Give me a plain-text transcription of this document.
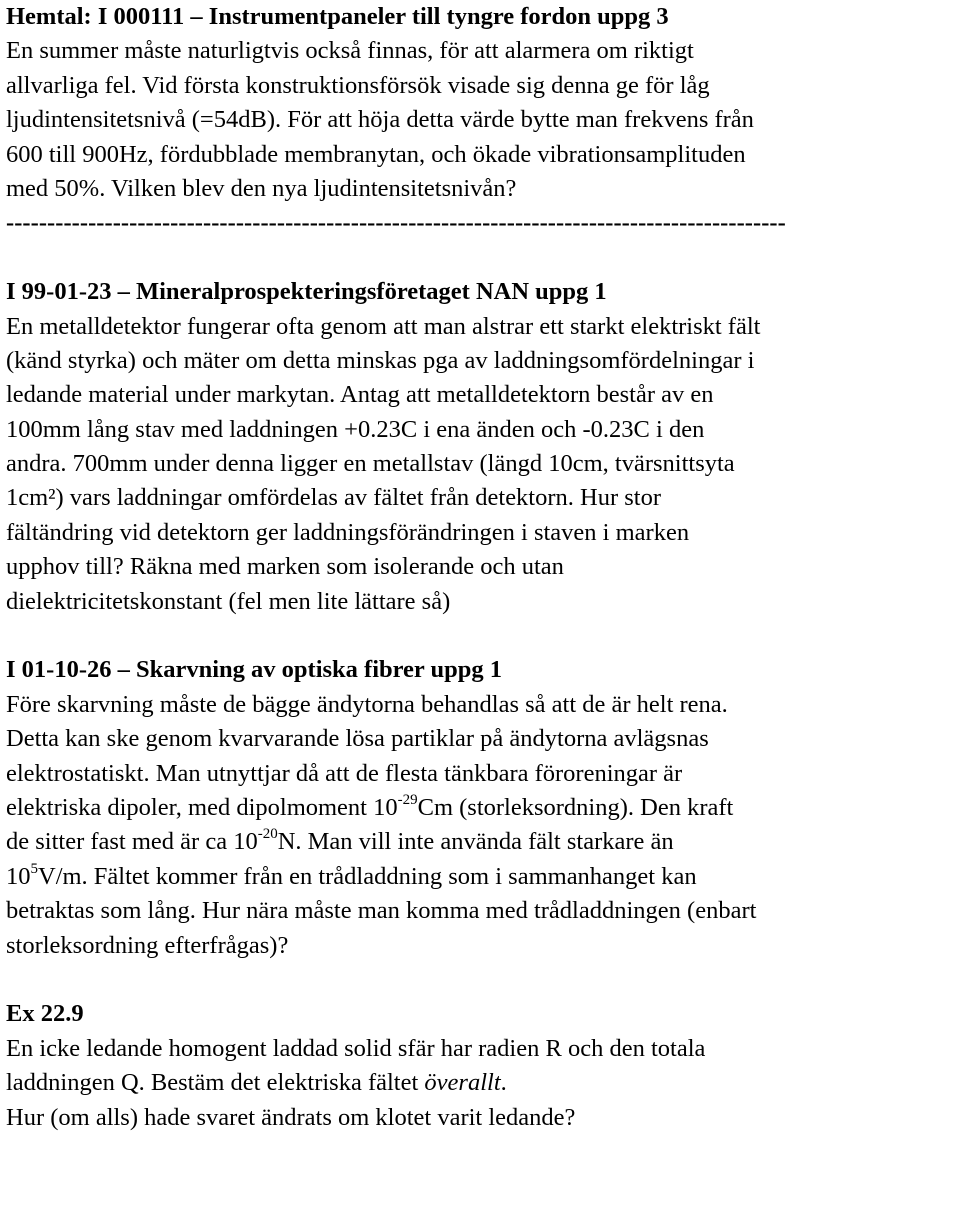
Hemtal: I 000111 – Instrumentpaneler till tyngre fordon uppg 3
En summer måste naturligtvis också finnas, för att alarmera om riktigt
allvarliga fel. Vid första konstruktionsförsök visade sig denna ge för låg
ljudintensitetsnivå (=54dB). För att höja detta värde bytte man frekvens från
600 till 900Hz, fördubblade membranytan, och ökade vibrationsamplituden
med 50%. Vilken blev den nya ljudintensitetsnivån?
-----------------------------------------------------------------------------------------------
I 99-01-23 – Mineralprospekteringsföretaget NAN uppg 1
En metalldetektor fungerar ofta genom att man alstrar ett starkt elektriskt fält
(känd styrka) och mäter om detta minskas pga av laddningsomfördelningar i
ledande material under markytan. Antag att metalldetektorn består av en
100mm lång stav med laddningen +0.23C i ena änden och -0.23C i den
andra. 700mm under denna ligger en metallstav (längd 10cm, tvärsnittsyta
1cm²) vars laddningar omfördelas av fältet från detektorn. Hur stor
fältändring vid detektorn ger laddningsförändringen i staven i marken
upphov till? Räkna med marken som isolerande och utan
dielektricitetskonstant (fel men lite lättare så)
I 01-10-26 – Skarvning av optiska fibrer uppg 1
Före skarvning måste de bägge ändytorna behandlas så att de är helt rena.
Detta kan ske genom kvarvarande lösa partiklar på ändytorna avlägsnas
elektrostatiskt. Man utnyttjar då att de flesta tänkbara föroreningar är
elektriska dipoler, med dipolmoment $10^{-29}Cm$ (storleksordning). Den kraft
de sitter fast med är ca $10^{-20}N$. Man vill inte använda fält starkare än
$10^5V/m$. Fältet kommer från en trådladdning som i sammanhanget kan
betraktas som lång. Hur nära måste man komma med trådladdningen (enbart
storleksordning efterfrågas)?
Ex 22.9
En icke ledande homogent laddad solid sfär har radien R och den totala
laddningen Q. Bestäm det elektriska fältet överallt.
Hur (om alls) hade svaret ändrats om klotet varit ledande?
